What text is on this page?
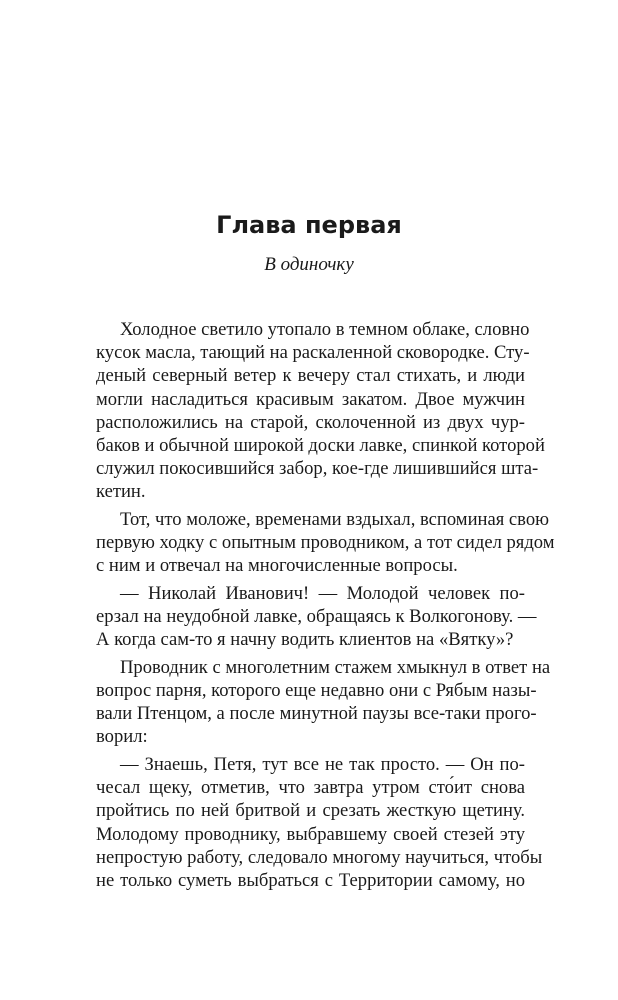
Глава первая
В одиночку
Холодное светило утопало в темном облаке, словно
кусок масла, тающий на раскаленной сковородке. Сту-
деный северный ветер к вечеру стал стихать, и люди
могли насладиться красивым закатом. Двое мужчин
расположились на старой, сколоченной из двух чур-
баков и обычной широкой доски лавке, спинкой которой
служил покосившийся забор, кое-где лишившийся шта-
кетин.
Тот, что моложе, временами вздыхал, вспоминая свою
первую ходку с опытным проводником, а тот сидел рядом
с ним и отвечал на многочисленные вопросы.
— Николай Иванович! — Молодой человек по-
ерзал на неудобной лавке, обращаясь к Волкогонову. —
А когда сам-то я начну водить клиентов на «Вятку»?
Проводник с многолетним стажем хмыкнул в ответ на
вопрос парня, которого еще недавно они с Рябым назы-
вали Птенцом, а после минутной паузы все-таки прого-
ворил:
— Знаешь, Петя, тут все не так просто. — Он по-
чесал щеку, отметив, что завтра утром сто́ит снова
пройтись по ней бритвой и срезать жесткую щетину.
Молодому проводнику, выбравшему своей стезей эту
непростую работу, следовало многому научиться, чтобы
не только суметь выбраться с Территории самому, но
